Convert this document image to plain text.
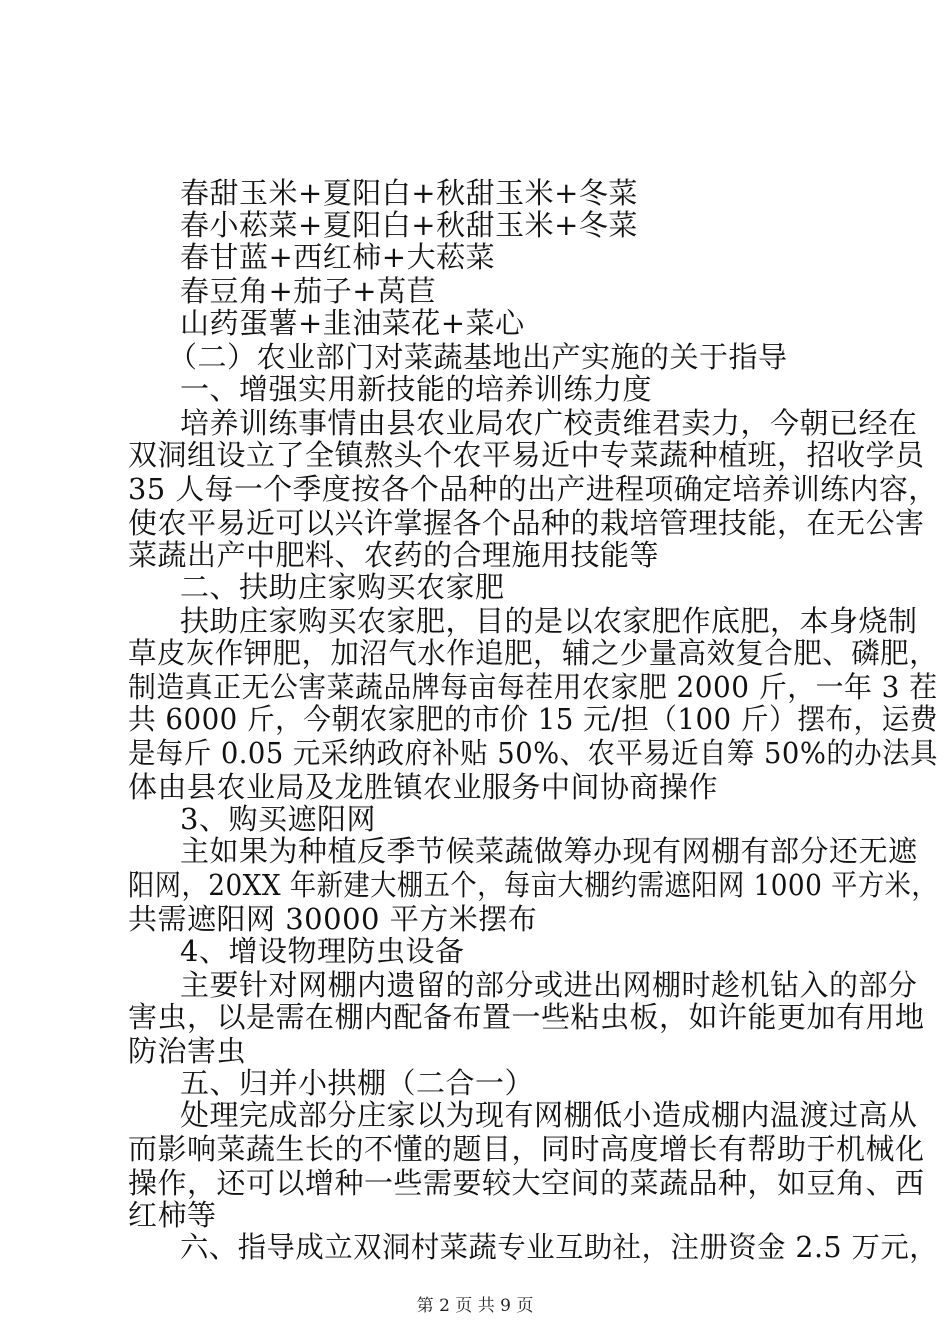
春甜玉米+夏阳白+秋甜玉米+冬菜
春小菘菜+夏阳白+秋甜玉米+冬菜
春甘蓝+西红柿+大菘菜
春豆角+茄子+莴苣
山药蛋薯+韭油菜花+菜心
（二）农业部门对菜蔬基地出产实施的关于指导
一、增强实用新技能的培养训练力度
培养训练事情由县农业局农广校责维君卖力，今朝已经在
双洞组设立了全镇熬头个农平易近中专菜蔬种植班，招收学员
35 人每一个季度按各个品种的出产进程项确定培养训练内容，
使农平易近可以兴许掌握各个品种的栽培管理技能，在无公害
菜蔬出产中肥料、农药的合理施用技能等
二、扶助庄家购买农家肥
扶助庄家购买农家肥，目的是以农家肥作底肥，本身烧制
草皮灰作钾肥，加沼气水作追肥，辅之少量高效复合肥、磷肥，
制造真正无公害菜蔬品牌每亩每茬用农家肥 2000 斤，一年 3 茬
共 6000 斤，今朝农家肥的市价 15 元/担（100 斤）摆布，运费
是每斤 0.05 元采纳政府补贴 50%、农平易近自筹 50%的办法具
体由县农业局及龙胜镇农业服务中间协商操作
3、购买遮阳网
主如果为种植反季节候菜蔬做筹办现有网棚有部分还无遮
阳网，20XX 年新建大棚五个，每亩大棚约需遮阳网 1000 平方米，
共需遮阳网 30000 平方米摆布
4、增设物理防虫设备
主要针对网棚内遗留的部分或进出网棚时趁机钻入的部分
害虫，以是需在棚内配备布置一些粘虫板，如许能更加有用地
防治害虫
五、归并小拱棚（二合一）
处理完成部分庄家以为现有网棚低小造成棚内温渡过高从
而影响菜蔬生长的不懂的题目，同时高度增长有帮助于机械化
操作，还可以增种一些需要较大空间的菜蔬品种，如豆角、西
红柿等
六、指导成立双洞村菜蔬专业互助社，注册资金 2.5 万元，
第 2 页 共 9 页
